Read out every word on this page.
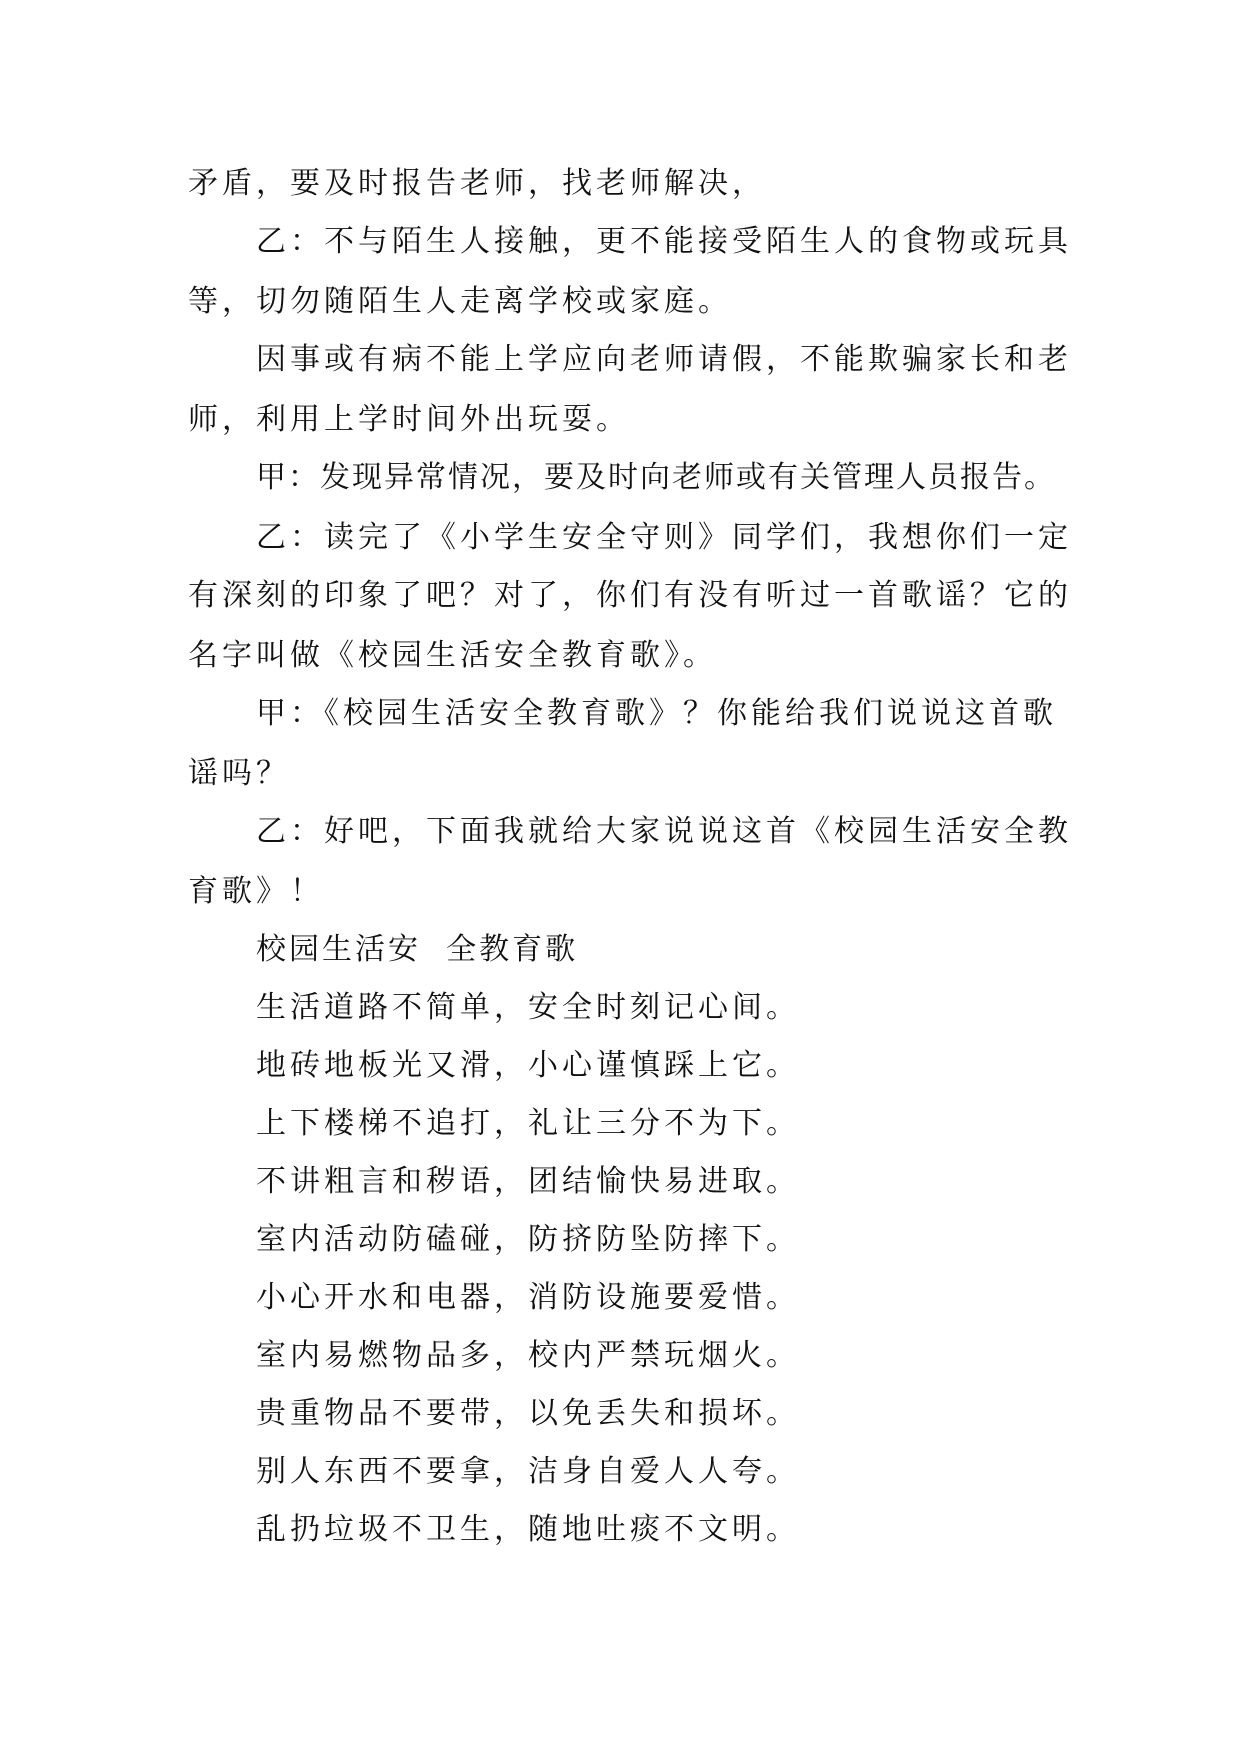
矛盾，要及时报告老师，找老师解决，
乙：不与陌生人接触，更不能接受陌生人的食物或玩具
等，切勿随陌生人走离学校或家庭。
因事或有病不能上学应向老师请假，不能欺骗家长和老
师，利用上学时间外出玩耍。
甲：发现异常情况，要及时向老师或有关管理人员报告。
乙：读完了《小学生安全守则》同学们，我想你们一定
有深刻的印象了吧？对了，你们有没有听过一首歌谣？它的
名字叫做《校园生活安全教育歌》。
甲：《校园生活安全教育歌》？你能给我们说说这首歌
谣吗？
乙：好吧，下面我就给大家说说这首《校园生活安全教
育歌》！
校园生活安  全教育歌
生活道路不简单，安全时刻记心间。
地砖地板光又滑，小心谨慎踩上它。
上下楼梯不追打，礼让三分不为下。
不讲粗言和秽语，团结愉快易进取。
室内活动防磕碰，防挤防坠防摔下。
小心开水和电器，消防设施要爱惜。
室内易燃物品多，校内严禁玩烟火。
贵重物品不要带，以免丢失和损坏。
别人东西不要拿，洁身自爱人人夸。
乱扔垃圾不卫生，随地吐痰不文明。
